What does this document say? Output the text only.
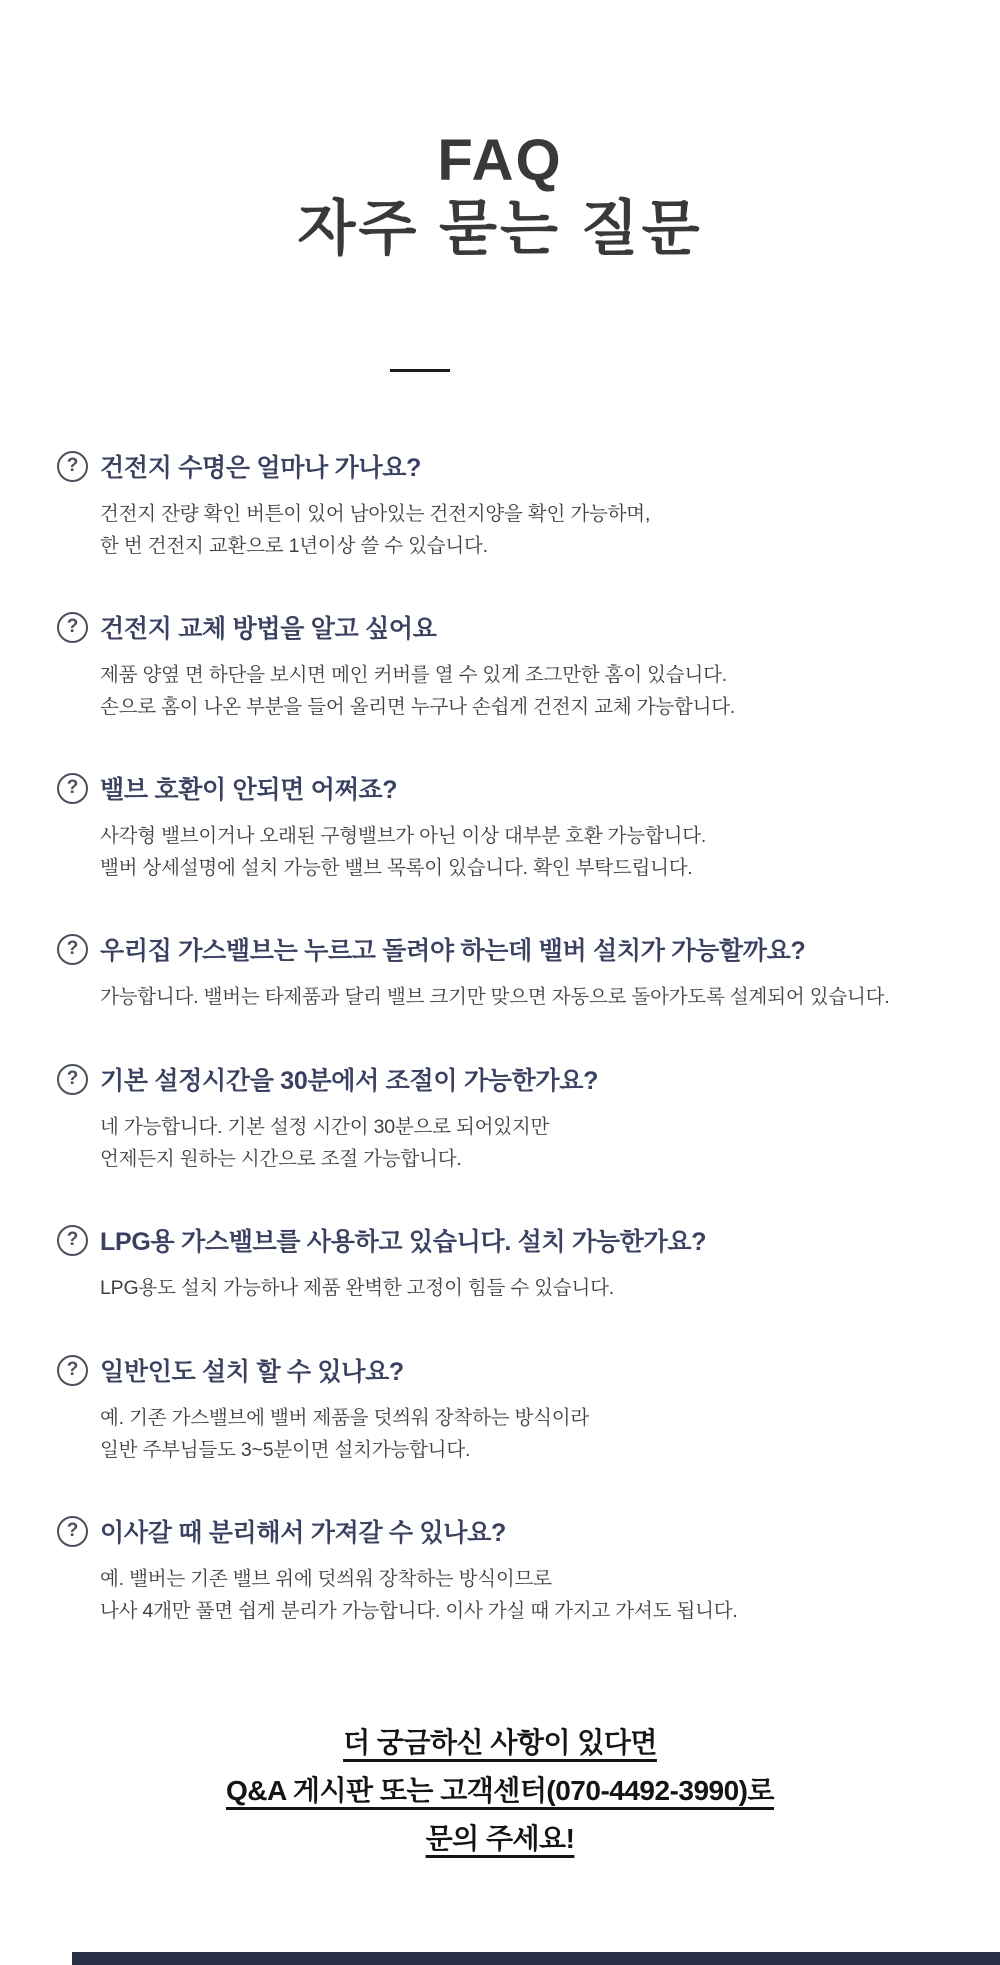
FAQ
자주 묻는 질문
? 건전지 수명은 얼마나 가나요?
건전지 잔량 확인 버튼이 있어 남아있는 건전지양을 확인 가능하며,
한 번 건전지 교환으로 1년이상 쓸 수 있습니다.
? 건전지 교체 방법을 알고 싶어요
제품 양옆 면 하단을 보시면 메인 커버를 열 수 있게 조그만한 홈이 있습니다.
손으로 홈이 나온 부분을 들어 올리면 누구나 손쉽게 건전지 교체 가능합니다.
? 밸브 호환이 안되면 어쩌죠?
사각형 밸브이거나 오래된 구형밸브가 아닌 이상 대부분 호환 가능합니다.
밸버 상세설명에 설치 가능한 밸브 목록이 있습니다. 확인 부탁드립니다.
? 우리집 가스밸브는 누르고 돌려야 하는데 밸버 설치가 가능할까요?
가능합니다. 밸버는 타제품과 달리 밸브 크기만 맞으면 자동으로 돌아가도록 설계되어 있습니다.
? 기본 설정시간을 30분에서 조절이 가능한가요?
네 가능합니다. 기본 설정 시간이 30분으로 되어있지만
언제든지 원하는 시간으로 조절 가능합니다.
? LPG용 가스밸브를 사용하고 있습니다. 설치 가능한가요?
LPG용도 설치 가능하나 제품 완벽한 고정이 힘들 수 있습니다.
? 일반인도 설치 할 수 있나요?
예. 기존 가스밸브에 밸버 제품을 덧씌워 장착하는 방식이라
일반 주부님들도 3~5분이면 설치가능합니다.
? 이사갈 때 분리해서 가져갈 수 있나요?
예. 밸버는 기존 밸브 위에 덧씌워 장착하는 방식이므로
나사 4개만 풀면 쉽게 분리가 가능합니다. 이사 가실 때 가지고 가셔도 됩니다.
더 궁금하신 사항이 있다면
Q&A 게시판 또는 고객센터(070-4492-3990)로
문의 주세요!
